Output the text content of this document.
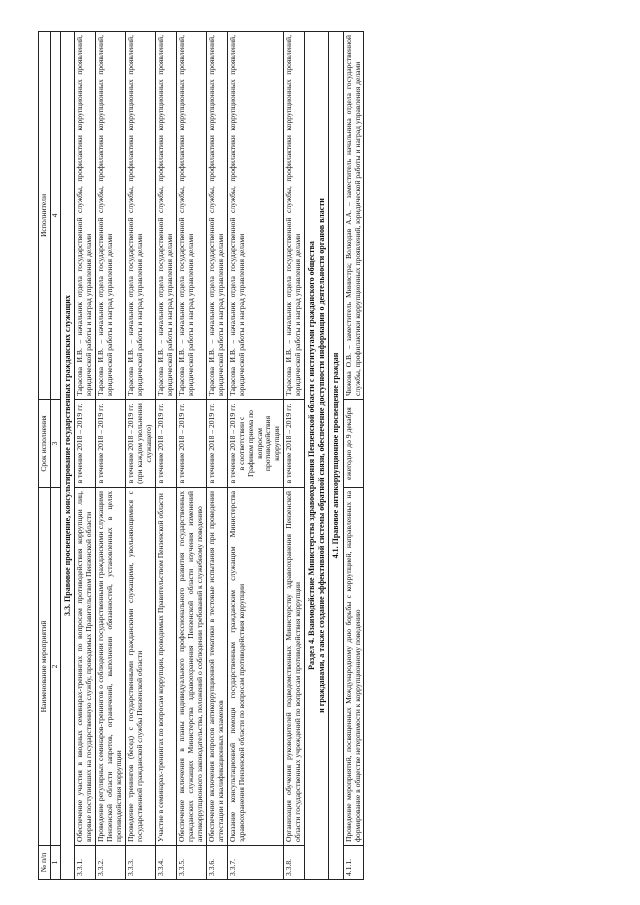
№ п/п	Наименование мероприятий	Срок исполнения	Исполнители
1	2	3	4
3.3. Правовое просвещение, консультирование государственных гражданских служащих			
3.3.1.	Обеспечение участия в вводных семинарах-тренингах по вопросам противодействия коррупции лиц, впервые поступивших на государственную службу, проводимых Правительством Пензенской области	в течение 2018 – 2019 гг.	Тарасова И.В. – начальник отдела государственной службы, профилактики коррупционных проявлений, юридической работы и наград управления делами
3.3.2.	Проведение регулярных семинаров-тренингов о соблюдении государственными гражданскими служащими Пензенской области запретов, ограничений, выполнении обязанностей, установленных в целях противодействия коррупции	в течение 2018 – 2019 гг.	Тарасова И.В. – начальник отдела государственной службы, профилактики коррупционных проявлений, юридической работы и наград управления делами
3.3.3.	Проведение тренингов (бесед) с государственными гражданскими служащими, увольняющимися с государственной гражданской службы Пензенской области	в течение 2018 – 2019 гг. (при каждом увольнении служащего)	Тарасова И.В. – начальник отдела государственной службы, профилактики коррупционных проявлений, юридической работы и наград управления делами
3.3.4.	Участие в семинарах-тренингах по вопросам коррупции, проводимых Правительством Пензенской области	в течение 2018 – 2019 гг.	Тарасова И.В. – начальник отдела государственной службы, профилактики коррупционных проявлений, юридической работы и наград управления делами
3.3.5.	Обеспечение включения в планы индивидуального профессионального развития государственных гражданских служащих Министерства здравоохранения Пензенской области изучения изменений антикоррупционного законодательства, положений о соблюдении требований к служебному поведению	в течение 2018 – 2019 гг.	Тарасова И.В. – начальник отдела государственной службы, профилактики коррупционных проявлений, юридической работы и наград управления делами
3.3.6.	Обеспечение включения вопросов антикоррупционной тематики в тестовые испытания при проведении аттестации и квалификационных экзаменов	в течение 2018 – 2019 гг.	Тарасова И.В. – начальник отдела государственной службы, профилактики коррупционных проявлений, юридической работы и наград управления делами
3.3.7.	Оказание консультационной помощи государственным гражданским служащим Министерства здравоохранения Пензенской области по вопросам противодействия коррупции	в течение 2018 – 2019 гг. в соответствии с Графиком приема по вопросам противодействия коррупции	Тарасова И.В. – начальник отдела государственной службы, профилактики коррупционных проявлений, юридической работы и наград управления делами
3.3.8.	Организация обучения руководителей подведомственных Министерству здравоохранения Пензенской области государственных учреждений по вопросам противодействия коррупции	в течение 2018 – 2019 гг.	Тарасова И.В. – начальник отдела государственной службы, профилактики коррупционных проявлений, юридической работы и наград управления делами

Раздел 4. Взаимодействие Министерства здравоохранения Пензенской области с институтами гражданского общества и гражданами, а также создание эффективной системы обратной связи, обеспечение доступности информации о деятельности органов власти			

4.1. Правовое антикоррупционное просвещение граждан			
4.1.1.	Проведение мероприятий, посвященных Международному дню борьбы с коррупцией, направленных на формирование в обществе нетерпимости к коррупционному поведению	ежегодно до 9 декабря	Чижова О.В. – заместитель Министра; Волкодав А.А. – заместитель начальника отдела государственной службы, профилактики коррупционных проявлений, юридической работы и наград управления делами
